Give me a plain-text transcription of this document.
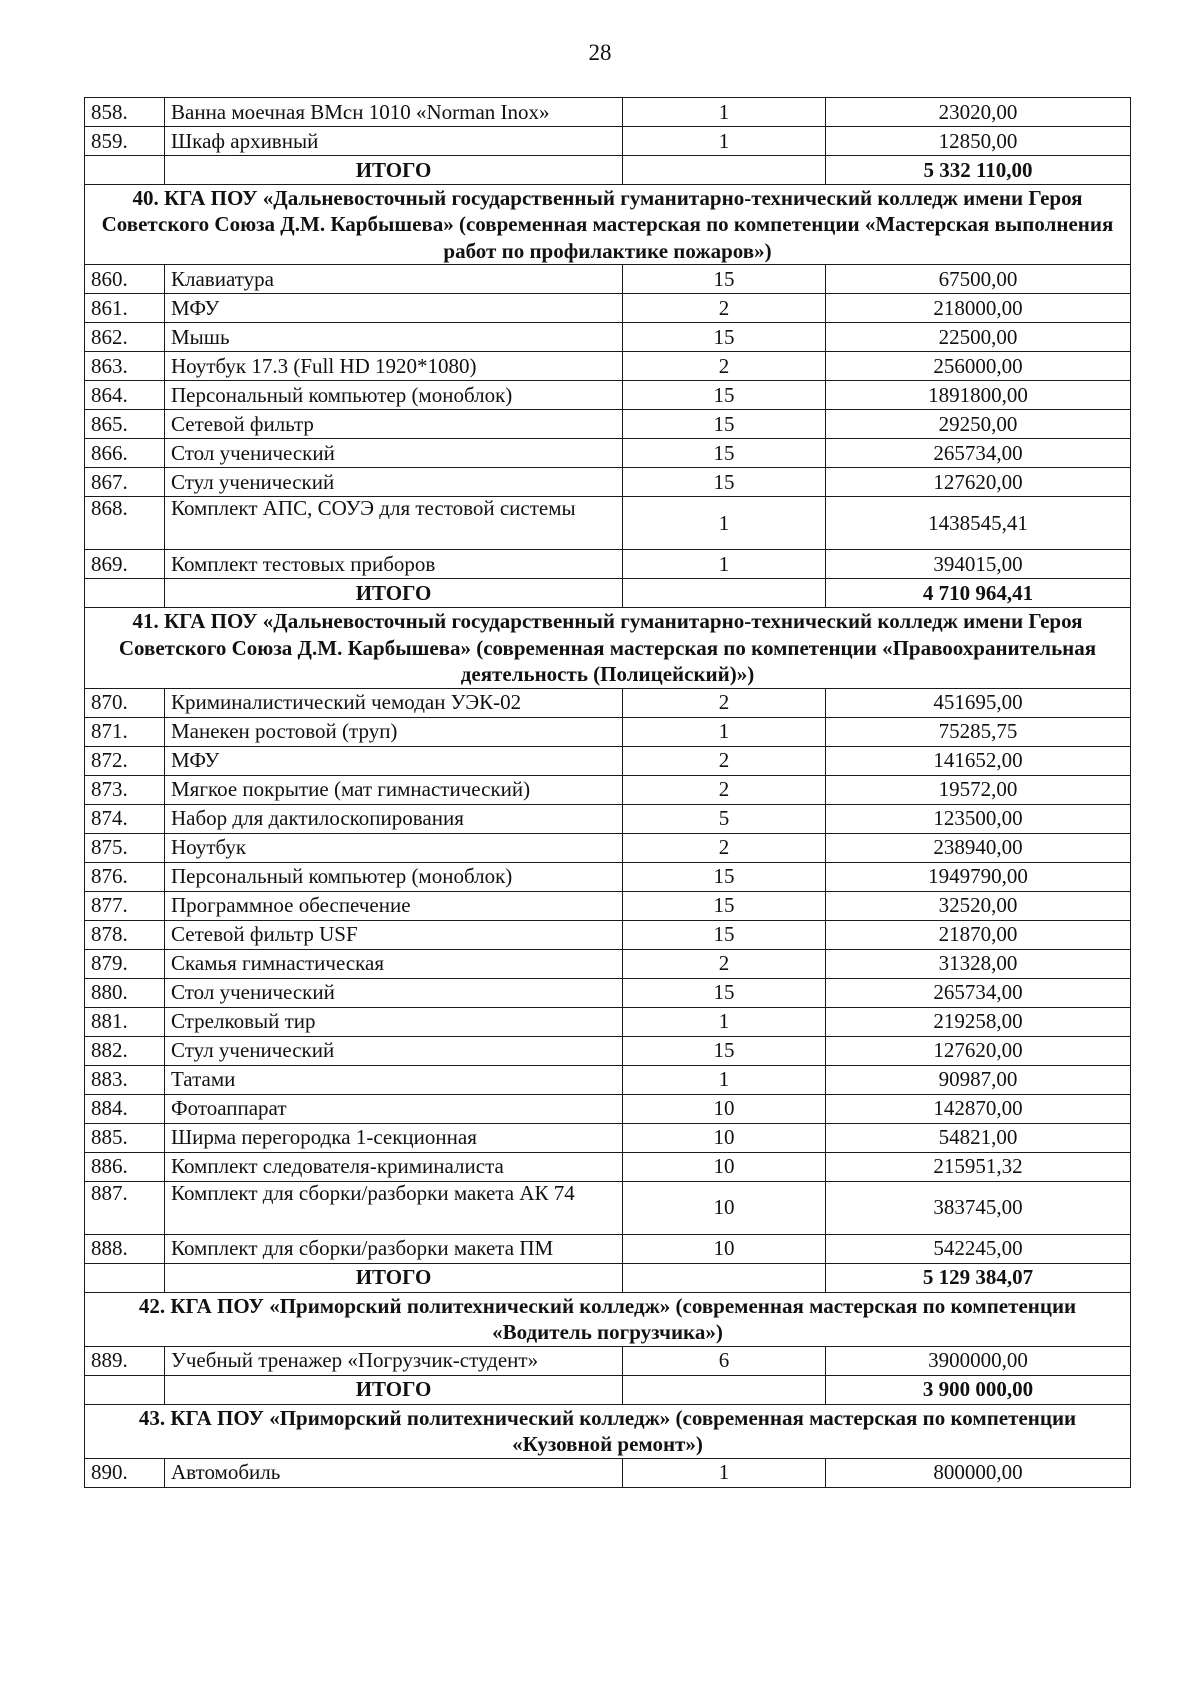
28
858.	Ванна моечная ВМсн 1010 «Norman Inox»	1	23020,00
859.	Шкаф архивный	1	12850,00
	ИТОГО		5 332 110,00
40. КГА ПОУ «Дальневосточный государственный гуманитарно-технический колледж имени Героя Советского Союза Д.М. Карбышева» (современная мастерская по компетенции «Мастерская выполнения работ по профилактике пожаров»)			
860.	Клавиатура	15	67500,00
861.	МФУ	2	218000,00
862.	Мышь	15	22500,00
863.	Ноутбук 17.3 (Full HD 1920*1080)	2	256000,00
864.	Персональный компьютер (моноблок)	15	1891800,00
865.	Сетевой фильтр	15	29250,00
866.	Стол ученический	15	265734,00
867.	Стул ученический	15	127620,00
868.	Комплект АПС, СОУЭ для тестовой системы	1	1438545,41
869.	Комплект тестовых приборов	1	394015,00
	ИТОГО		4 710 964,41
41. КГА ПОУ «Дальневосточный государственный гуманитарно-технический колледж имени Героя Советского Союза Д.М. Карбышева» (современная мастерская по компетенции «Правоохранительная деятельность (Полицейский)»)			
870.	Криминалистический чемодан УЭК-02	2	451695,00
871.	Манекен ростовой (труп)	1	75285,75
872.	МФУ	2	141652,00
873.	Мягкое покрытие (мат гимнастический)	2	19572,00
874.	Набор для дактилоскопирования	5	123500,00
875.	Ноутбук	2	238940,00
876.	Персональный компьютер (моноблок)	15	1949790,00
877.	Программное обеспечение	15	32520,00
878.	Сетевой фильтр USF	15	21870,00
879.	Скамья гимнастическая	2	31328,00
880.	Стол ученический	15	265734,00
881.	Стрелковый тир	1	219258,00
882.	Стул ученический	15	127620,00
883.	Татами	1	90987,00
884.	Фотоаппарат	10	142870,00
885.	Ширма перегородка 1-секционная	10	54821,00
886.	Комплект следователя-криминалиста	10	215951,32
887.	Комплект для сборки/разборки макета АК 74	10	383745,00
888.	Комплект для сборки/разборки макета ПМ	10	542245,00
	ИТОГО		5 129 384,07
42. КГА ПОУ «Приморский политехнический колледж» (современная мастерская по компетенции «Водитель погрузчика»)			
889.	Учебный тренажер «Погрузчик-студент»	6	3900000,00
	ИТОГО		3 900 000,00
43. КГА ПОУ «Приморский политехнический колледж» (современная мастерская по компетенции «Кузовной ремонт»)			
890.	Автомобиль	1	800000,00
